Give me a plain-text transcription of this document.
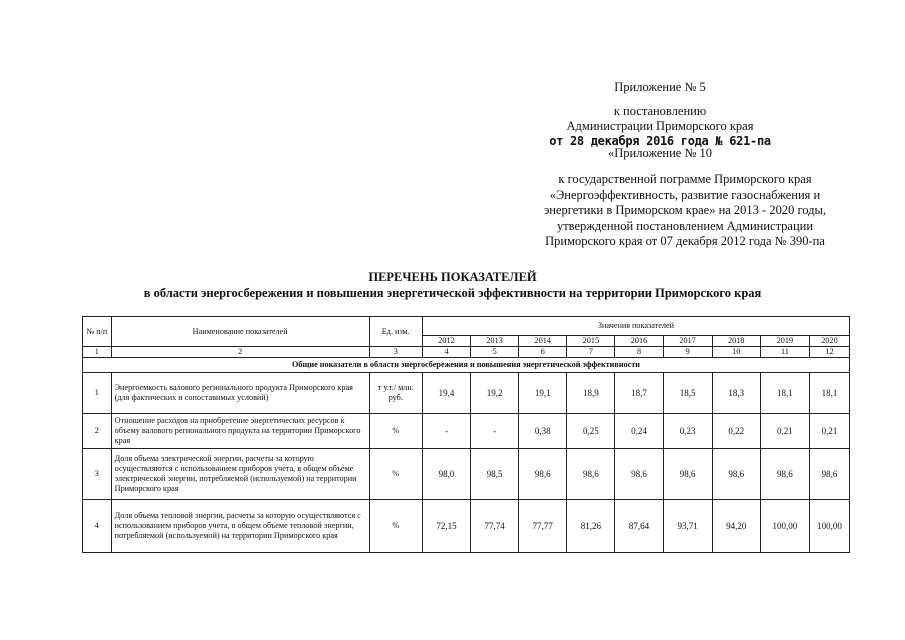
Приложение № 5
к постановлению
Администрации Приморского края
от 28 декабря 2016 года № 621-па
«Приложение № 10
к государственной пограмме Приморского края
«Энергоэффективность, развитие газоснабжения и
энергетики в Приморском крае» на 2013 - 2020 годы,
утвержденной постановлением Администрации
Приморского края от 07 декабря 2012 года № 390-па
ПЕРЕЧЕНЬ ПОКАЗАТЕЛЕЙ
в области энергосбережения и повышения энергетической эффективности на территории Приморского края
№ п/п	Наименование показателей	Ед. изм.	Значения показателей								
			2012	2013	2014	2015	2016	2017	2018	2019	2020
1	2	3	4	5	6	7	8	9	10	11	12
Общие показатели в области энергосбережения и повышения энергетической эффективности											
1	Энергоемкость валового регионального продукта Приморского края (для фактических и сопоставимых условий)	т у.т./ млн. руб.	19,4	19,2	19,1	18,9	18,7	18,5	18,3	18,1	18,1
2	Отношение расходов на приобретение энергетических ресурсов к объему валового регионального продукта на территории Приморского края	%	-	-	0,38	0,25	0,24	0,23	0,22	0,21	0,21
3	Доля объема электрической энергии, расчеты за которую осуществляются с использованием приборов учета, в общем объеме электрической энергии, потребляемой (используемой) на территории Приморского края	%	98,0	98,5	98,6	98,6	98,6	98,6	98,6	98,6	98,6
4	Доля объема тепловой энергии, расчеты за которую осуществляются с использованием приборов учета, в общем объеме тепловой энергии, потребляемой (используемой) на территории Приморского края	%	72,15	77,74	77,77	81,26	87,64	93,71	94,20	100,00	100,00
